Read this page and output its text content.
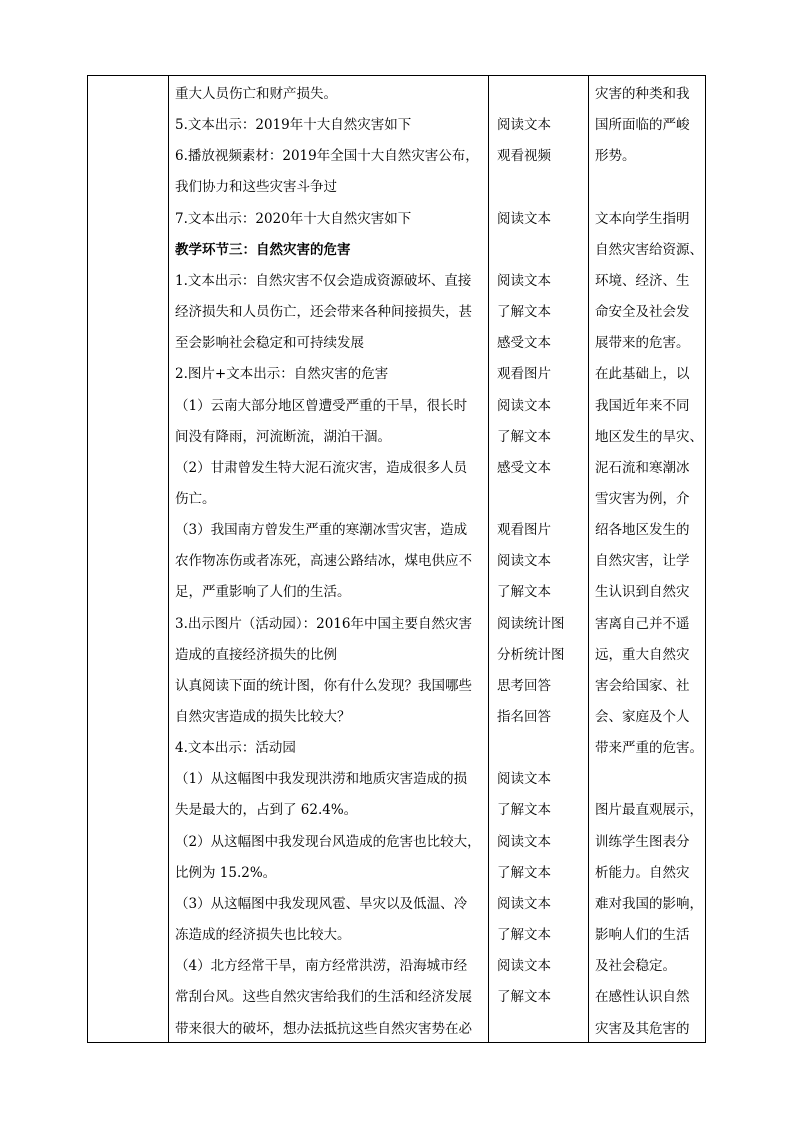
重大人员伤亡和财产损失。
5.文本出示：2019年十大自然灾害如下
6.播放视频素材：2019年全国十大自然灾害公布，
我们协力和这些灾害斗争过
7.文本出示：2020年十大自然灾害如下
教学环节三：自然灾害的危害
1.文本出示：自然灾害不仅会造成资源破坏、直接
经济损失和人员伤亡，还会带来各种间接损失，甚
至会影响社会稳定和可持续发展
2.图片+文本出示：自然灾害的危害
（1）云南大部分地区曾遭受严重的干旱，很长时
间没有降雨，河流断流，湖泊干涸。
（2）甘肃曾发生特大泥石流灾害，造成很多人员
伤亡。
（3）我国南方曾发生严重的寒潮冰雪灾害，造成
农作物冻伤或者冻死，高速公路结冰，煤电供应不
足，严重影响了人们的生活。
3.出示图片（活动园）：2016年中国主要自然灾害
造成的直接经济损失的比例
认真阅读下面的统计图，你有什么发现？我国哪些
自然灾害造成的损失比较大？
4.文本出示：活动园
（1）从这幅图中我发现洪涝和地质灾害造成的损
失是最大的，占到了 62.4%。
（2）从这幅图中我发现台风造成的危害也比较大，
比例为 15.2%。
（3）从这幅图中我发现风雹、旱灾以及低温、冷
冻造成的经济损失也比较大。
（4）北方经常干旱，南方经常洪涝，沿海城市经
常刮台风。这些自然灾害给我们的生活和经济发展
带来很大的破坏，想办法抵抗这些自然灾害势在必
阅读文本
观看视频
阅读文本
阅读文本
了解文本
感受文本
观看图片
阅读文本
了解文本
感受文本
观看图片
阅读文本
了解文本
阅读统计图
分析统计图
思考回答
指名回答
阅读文本
了解文本
阅读文本
了解文本
阅读文本
了解文本
阅读文本
了解文本
灾害的种类和我
国所面临的严峻
形势。
文本向学生指明
自然灾害给资源、
环境、经济、生
命安全及社会发
展带来的危害。
在此基础上，以
我国近年来不同
地区发生的旱灾、
泥石流和寒潮冰
雪灾害为例，介
绍各地区发生的
自然灾害，让学
生认识到自然灾
害离自己并不遥
远，重大自然灾
害会给国家、社
会、家庭及个人
带来严重的危害。
图片最直观展示，
训练学生图表分
析能力。自然灾
难对我国的影响，
影响人们的生活
及社会稳定。
在感性认识自然
灾害及其危害的
